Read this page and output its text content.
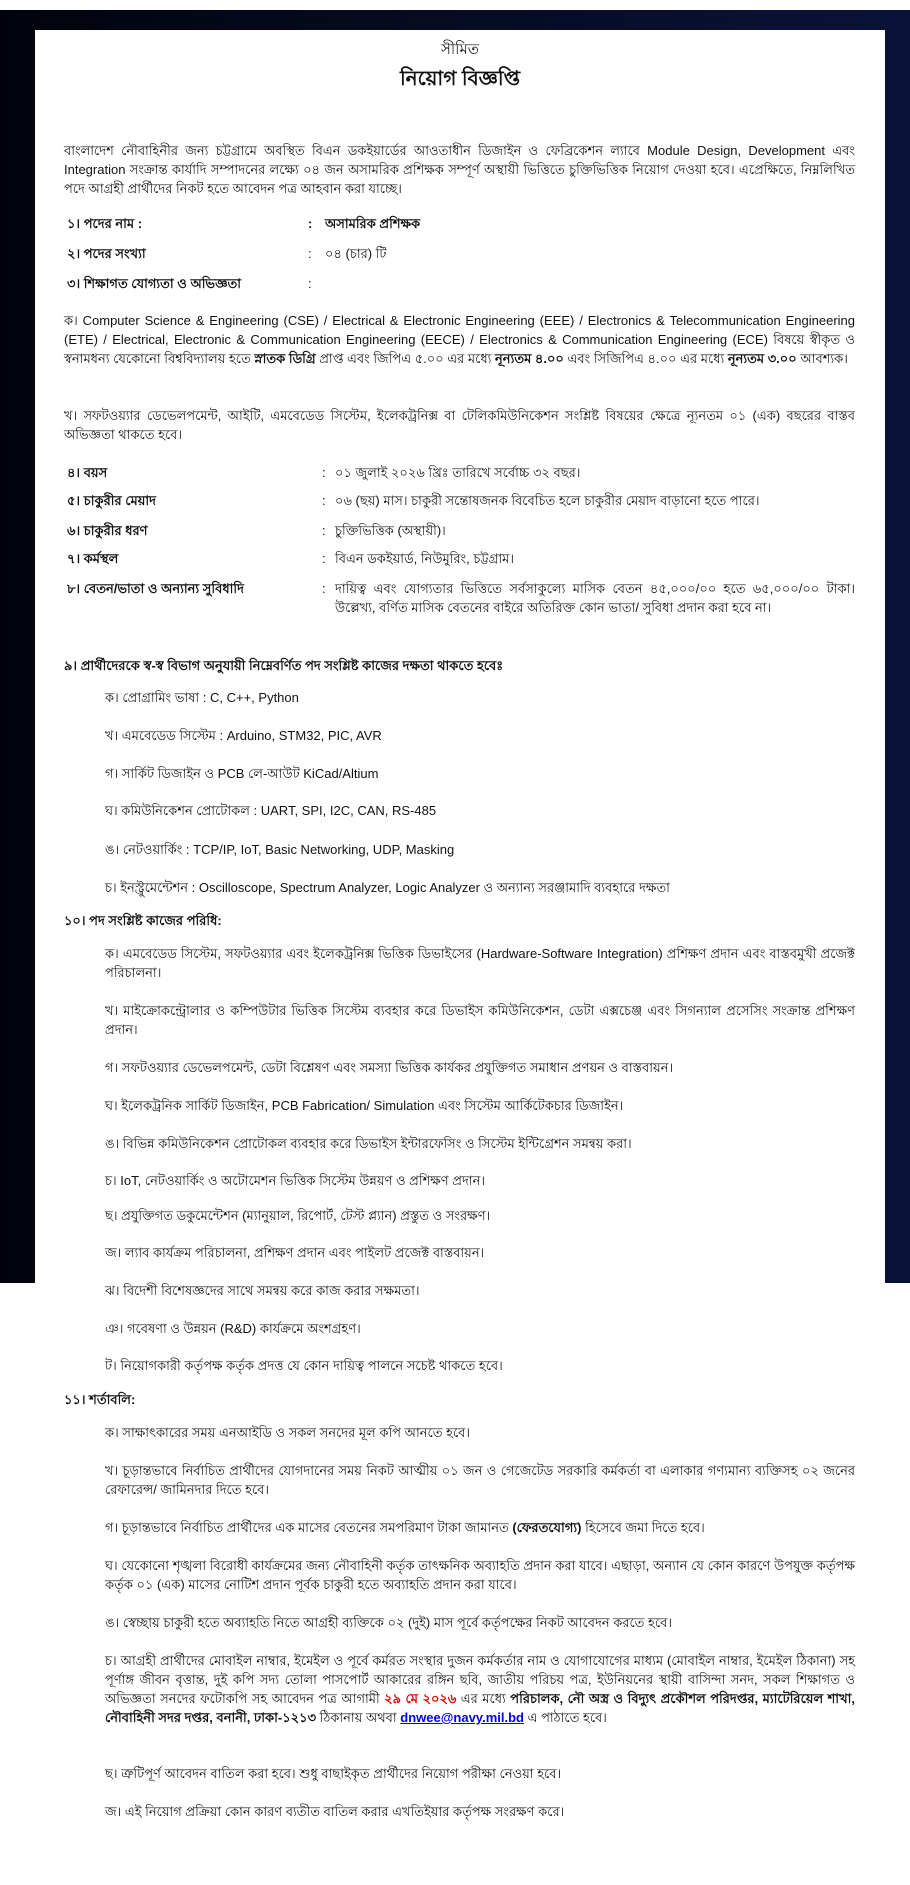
সীমিত
নিয়োগ বিজ্ঞপ্তি
বাংলাদেশ নৌবাহিনীর জন্য চট্টগ্রামে অবস্থিত বিএন ডকইয়ার্ডের আওতাধীন ডিজাইন ও ফেব্রিকেশন ল্যাবে Module Design, Development এবং Integration সংক্রান্ত কার্যাদি সম্পাদনের লক্ষ্যে ০৪ জন অসামরিক প্রশিক্ষক সম্পূর্ণ অস্থায়ী ভিত্তিতে চুক্তিভিত্তিক নিয়োগ দেওয়া হবে। এপ্রেক্ষিতে, নিম্নলিখিত পদে আগ্রহী প্রার্থীদের নিকট হতে আবেদন পত্র আহবান করা যাচ্ছে।
১। পদের নাম :	: অসামরিক প্রশিক্ষক
২। পদের সংখ্যা	: ০৪ (চার) টি
৩। শিক্ষাগত যোগ্যতা ও অভিজ্ঞতা	:
ক। Computer Science & Engineering (CSE) / Electrical & Electronic Engineering (EEE) / Electronics & Telecommunication Engineering (ETE) / Electrical, Electronic & Communication Engineering (EECE) / Electronics & Communication Engineering (ECE) বিষয়ে স্বীকৃত ও স্বনামধন্য যেকোনো বিশ্ববিদ্যালয় হতে স্নাতক ডিগ্রি প্রাপ্ত এবং জিপিএ ৫.০০ এর মধ্যে নূন্যতম ৪.০০ এবং সিজিপিএ ৪.০০ এর মধ্যে নূন্যতম ৩.০০ আবশ্যক।
খ। সফটওয়্যার ডেভেলপমেন্ট, আইটি, এমবেডেড সিস্টেম, ইলেকট্রনিক্স বা টেলিকমিউনিকেশন সংশ্লিষ্ট বিষয়ের ক্ষেত্রে ন্যূনতম ০১ (এক) বছরের বাস্তব অভিজ্ঞতা থাকতে হবে।
৪। বয়স	: ০১ জুলাই ২০২৬ খ্রিঃ তারিখে সর্বোচ্চ ৩২ বছর।
৫। চাকুরীর মেয়াদ	: ০৬ (ছয়) মাস। চাকুরী সন্তোষজনক বিবেচিত হলে চাকুরীর মেয়াদ বাড়ানো হতে পারে।
৬। চাকুরীর ধরণ	: চুক্তিভিত্তিক (অস্থায়ী)।
৭। কর্মস্থল	: বিএন ডকইয়ার্ড, নিউমুরিং, চট্টগ্রাম।
৮। বেতন/ভাতা ও অন্যান্য সুবিধাদি	: দায়িত্ব এবং যোগ্যতার ভিত্তিতে সর্বসাকুল্যে মাসিক বেতন ৪৫,০০০/০০ হতে ৬৫,০০০/০০ টাকা। উল্লেখ্য, বর্ণিত মাসিক বেতনের বাইরে অতিরিক্ত কোন ভাতা/ সুবিধা প্রদান করা হবে না।
৯। প্রার্থীদেরকে স্ব-স্ব বিভাগ অনুযায়ী নিম্নেবর্ণিত পদ সংশ্লিষ্ট কাজের দক্ষতা থাকতে হবেঃ
ক। প্রোগ্রামিং ভাষা : C, C++, Python
খ। এমবেডেড সিস্টেম : Arduino, STM32, PIC, AVR
গ। সার্কিট ডিজাইন ও PCB লে-আউট KiCad/Altium
ঘ। কমিউনিকেশন প্রোটোকল : UART, SPI, I2C, CAN, RS-485
ঙ। নেটওয়ার্কিং : TCP/IP, IoT, Basic Networking, UDP, Masking
চ। ইনস্ট্রুমেন্টেশন : Oscilloscope, Spectrum Analyzer, Logic Analyzer ও অন্যান্য সরঞ্জামাদি ব্যবহারে দক্ষতা
১০। পদ সংশ্লিষ্ট কাজের পরিধি:
ক। এমবেডেড সিস্টেম, সফটওয়্যার এবং ইলেকট্রনিক্স ভিত্তিক ডিভাইসের (Hardware-Software Integration) প্রশিক্ষণ প্রদান এবং বাস্তবমুখী প্রজেক্ট পরিচালনা।
খ। মাইক্রোকন্ট্রোলার ও কম্পিউটার ভিত্তিক সিস্টেম ব্যবহার করে ডিভাইস কমিউনিকেশন, ডেটা এক্সচেঞ্জ এবং সিগন্যাল প্রসেসিং সংক্রান্ত প্রশিক্ষণ প্রদান।
গ। সফটওয়্যার ডেভেলপমেন্ট, ডেটা বিশ্লেষণ এবং সমস্যা ভিত্তিক কার্যকর প্রযুক্তিগত সমাধান প্রণয়ন ও বাস্তবায়ন।
ঘ। ইলেকট্রনিক সার্কিট ডিজাইন, PCB Fabrication/ Simulation এবং সিস্টেম আর্কিটেকচার ডিজাইন।
ঙ। বিভিন্ন কমিউনিকেশন প্রোটোকল ব্যবহার করে ডিভাইস ইন্টারফেসিং ও সিস্টেম ইন্টিগ্রেশন সমন্বয় করা।
চ। IoT, নেটওয়ার্কিং ও অটোমেশন ভিত্তিক সিস্টেম উন্নয়ণ ও প্রশিক্ষণ প্রদান।
ছ। প্রযুক্তিগত ডকুমেন্টেশন (ম্যানুয়াল, রিপোর্ট, টেস্ট প্ল্যান) প্রস্তুত ও সংরক্ষণ।
জ। ল্যাব কার্যক্রম পরিচালনা, প্রশিক্ষণ প্রদান এবং পাইলট প্রজেক্ট বাস্তবায়ন।
ঝ। বিদেশী বিশেষজ্ঞদের সাথে সমন্বয় করে কাজ করার সক্ষমতা।
ঞ। গবেষণা ও উন্নয়ন (R&D) কার্যক্রমে অংশগ্রহণ।
ট। নিয়োগকারী কর্তৃপক্ষ কর্তৃক প্রদত্ত যে কোন দায়িত্ব পালনে সচেষ্ট থাকতে হবে।
১১। শর্তাবলি:
ক। সাক্ষাৎকারের সময় এনআইডি ও সকল সনদের মূল কপি আনতে হবে।
খ। চূড়ান্তভাবে নির্বাচিত প্রার্থীদের যোগদানের সময় নিকট আত্মীয় ০১ জন ও গেজেটেড সরকারি কর্মকর্তা বা এলাকার গণ্যমান্য ব্যক্তিসহ ০২ জনের রেফারেন্স/ জামিনদার দিতে হবে।
গ। চূড়ান্তভাবে নির্বাচিত প্রার্থীদের এক মাসের বেতনের সমপরিমাণ টাকা জামানত (ফেরতযোগ্য) হিসেবে জমা দিতে হবে।
ঘ। যেকোনো শৃঙ্খলা বিরোধী কার্যক্রমের জন্য নৌবাহিনী কর্তৃক তাৎক্ষনিক অব্যাহতি প্রদান করা যাবে। এছাড়া, অন্যান যে কোন কারণে উপযুক্ত কর্তৃপক্ষ কর্তৃক ০১ (এক) মাসের নোটিশ প্রদান পূর্বক চাকুরী হতে অব্যাহতি প্রদান করা যাবে।
ঙ। স্বেচ্ছায় চাকুরী হতে অব্যাহতি নিতে আগ্রহী ব্যক্তিকে ০২ (দুই) মাস পূর্বে কর্তৃপক্ষের নিকট আবেদন করতে হবে।
চ। আগ্রহী প্রার্থীদের মোবাইল নাম্বার, ইমেইল ও পূর্বে কর্মরত সংস্থার দুজন কর্মকর্তার নাম ও যোগাযোগের মাধ্যম (মোবাইল নাম্বার, ইমেইল ঠিকানা) সহ পূর্ণাঙ্গ জীবন বৃত্তান্ত, দুই কপি সদ্য তোলা পাসপোর্ট আকারের রঙ্গিন ছবি, জাতীয় পরিচয় পত্র, ইউনিয়নের স্থায়ী বাসিন্দা সনদ, সকল শিক্ষাগত ও অভিজ্ঞতা সনদের ফটোকপি সহ আবেদন পত্র আগামী ২৯ মে ২০২৬ এর মধ্যে পরিচালক, নৌ অস্ত্র ও বিদ্যুৎ প্রকৌশল পরিদপ্তর, ম্যাটেরিয়েল শাখা, নৌবাহিনী সদর দপ্তর, বনানী, ঢাকা-১২১৩ ঠিকানায় অথবা dnwee@navy.mil.bd এ পাঠাতে হবে।
ছ। ত্রুটিপূর্ণ আবেদন বাতিল করা হবে। শুধু বাছাইকৃত প্রার্থীদের নিয়োগ পরীক্ষা নেওয়া হবে।
জ। এই নিয়োগ প্রক্রিয়া কোন কারণ ব্যতীত বাতিল করার এখতিইয়ার কর্তৃপক্ষ সংরক্ষণ করে।
